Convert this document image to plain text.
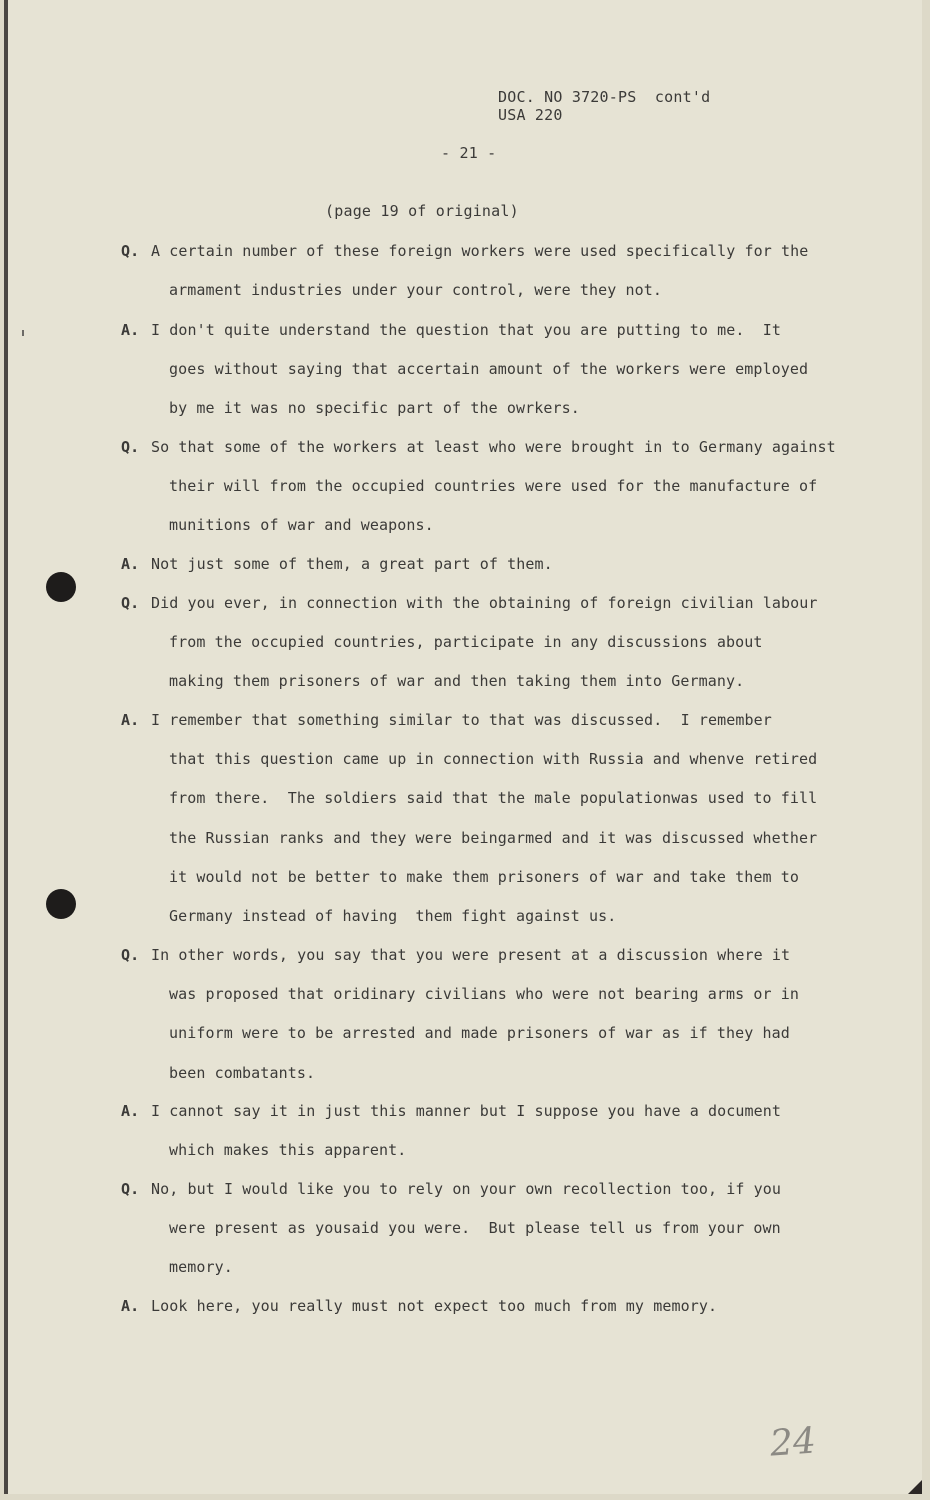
DOC. NO 3720-PS  cont'd
USA 220
- 21 -
(page 19 of original)
Q. A certain number of these foreign workers were used specifically for the
armament industries under your control, were they not.
A. I don't quite understand the question that you are putting to me.  It
goes without saying that accertain amount of the workers were employed
by me it was no specific part of the owrkers.
Q. So that some of the workers at least who were brought in to Germany against
their will from the occupied countries were used for the manufacture of
munitions of war and weapons.
A. Not just some of them, a great part of them.
Q. Did you ever, in connection with the obtaining of foreign civilian labour
from the occupied countries, participate in any discussions about
making them prisoners of war and then taking them into Germany.
A. I remember that something similar to that was discussed.  I remember
that this question came up in connection with Russia and whenve retired
from there.  The soldiers said that the male populationwas used to fill
the Russian ranks and they were beingarmed and it was discussed whether
it would not be better to make them prisoners of war and take them to
Germany instead of having  them fight against us.
Q. In other words, you say that you were present at a discussion where it
was proposed that oridinary civilians who were not bearing arms or in
uniform were to be arrested and made prisoners of war as if they had
been combatants.
A. I cannot say it in just this manner but I suppose you have a document
which makes this apparent.
Q. No, but I would like you to rely on your own recollection too, if you
were present as yousaid you were.  But please tell us from your own
memory.
A. Look here, you really must not expect too much from my memory.
24
